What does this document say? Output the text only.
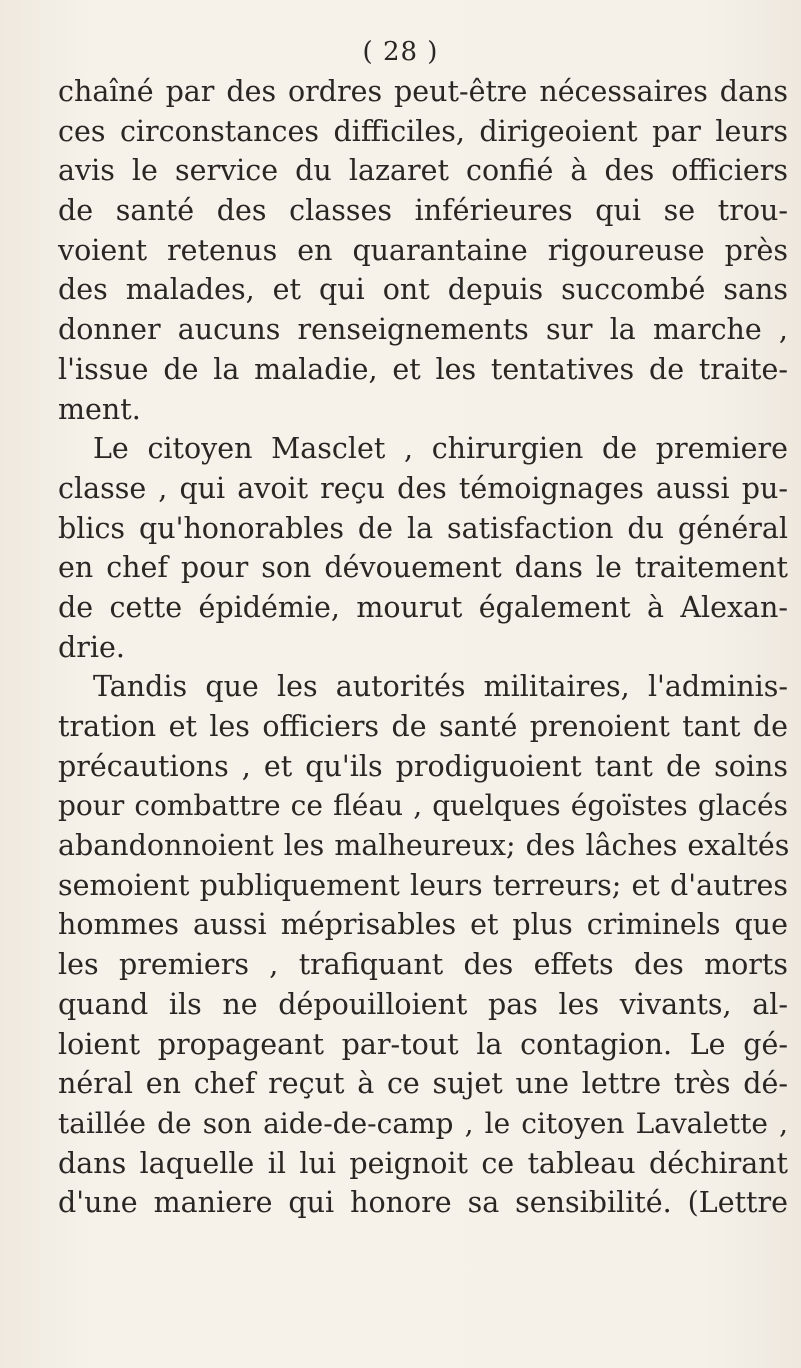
( 28 )
chaîné par des ordres peut-être nécessaires dans
ces circonstances difficiles, dirigeoient par leurs
avis le service du lazaret confié à des officiers
de santé des classes inférieures qui se trou-
voient retenus en quarantaine rigoureuse près
des malades, et qui ont depuis succombé sans
donner aucuns renseignements sur la marche ,
l'issue de la maladie, et les tentatives de traite-
ment.
Le citoyen Masclet , chirurgien de premiere
classe , qui avoit reçu des témoignages aussi pu-
blics qu'honorables de la satisfaction du général
en chef pour son dévouement dans le traitement
de cette épidémie, mourut également à Alexan-
drie.
Tandis que les autorités militaires, l'adminis-
tration et les officiers de santé prenoient tant de
précautions , et qu'ils prodiguoient tant de soins
pour combattre ce fléau , quelques égoïstes glacés
abandonnoient les malheureux; des lâches exaltés
semoient publiquement leurs terreurs; et d'autres
hommes aussi méprisables et plus criminels que
les premiers , trafiquant des effets des morts
quand ils ne dépouilloient pas les vivants, al-
loient propageant par-tout la contagion. Le gé-
néral en chef reçut à ce sujet une lettre très dé-
taillée de son aide-de-camp , le citoyen Lavalette ,
dans laquelle il lui peignoit ce tableau déchirant
d'une maniere qui honore sa sensibilité. (Lettre
